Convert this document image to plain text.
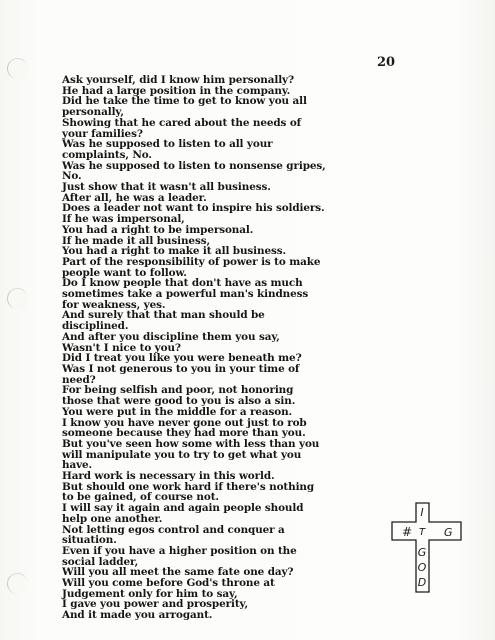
20
Ask yourself, did I know him personally?
He had a large position in the company.
Did he take the time to get to know you all
personally,
Showing that he cared about the needs of
your families?
Was he supposed to listen to all your
complaints, No.
Was he supposed to listen to nonsense gripes,
No.
Just show that it wasn't all business.
After all, he was a leader.
Does a leader not want to inspire his soldiers.
If he was impersonal,
You had a right to be impersonal.
If he made it all business,
You had a right to make it all business.
Part of the responsibility of power is to make
people want to follow.
Do I know people that don't have as much
sometimes take a powerful man's kindness
for weakness, yes.
And surely that that man should be
disciplined.
And after you discipline them you say,
Wasn't I nice to you?
Did I treat you like you were beneath me?
Was I not generous to you in your time of
need?
For being selfish and poor, not honoring
those that were good to you is also a sin.
You were put in the middle for a reason.
I know you have never gone out just to rob
someone because they had more than you.
But you've seen how some with less than you
will manipulate you to try to get what you
have.
Hard work is necessary in this world.
But should one work hard if there's nothing
to be gained, of course not.
I will say it again and again people should
help one another.
Not letting egos control and conquer a
situation.
Even if you have a higher position on the
social ladder,
Will you all meet the same fate one day?
Will you come before God's throne at
Judgement only for him to say,
I gave you power and prosperity,
And it made you arrogant.
#	G
I
T
G
O
D
